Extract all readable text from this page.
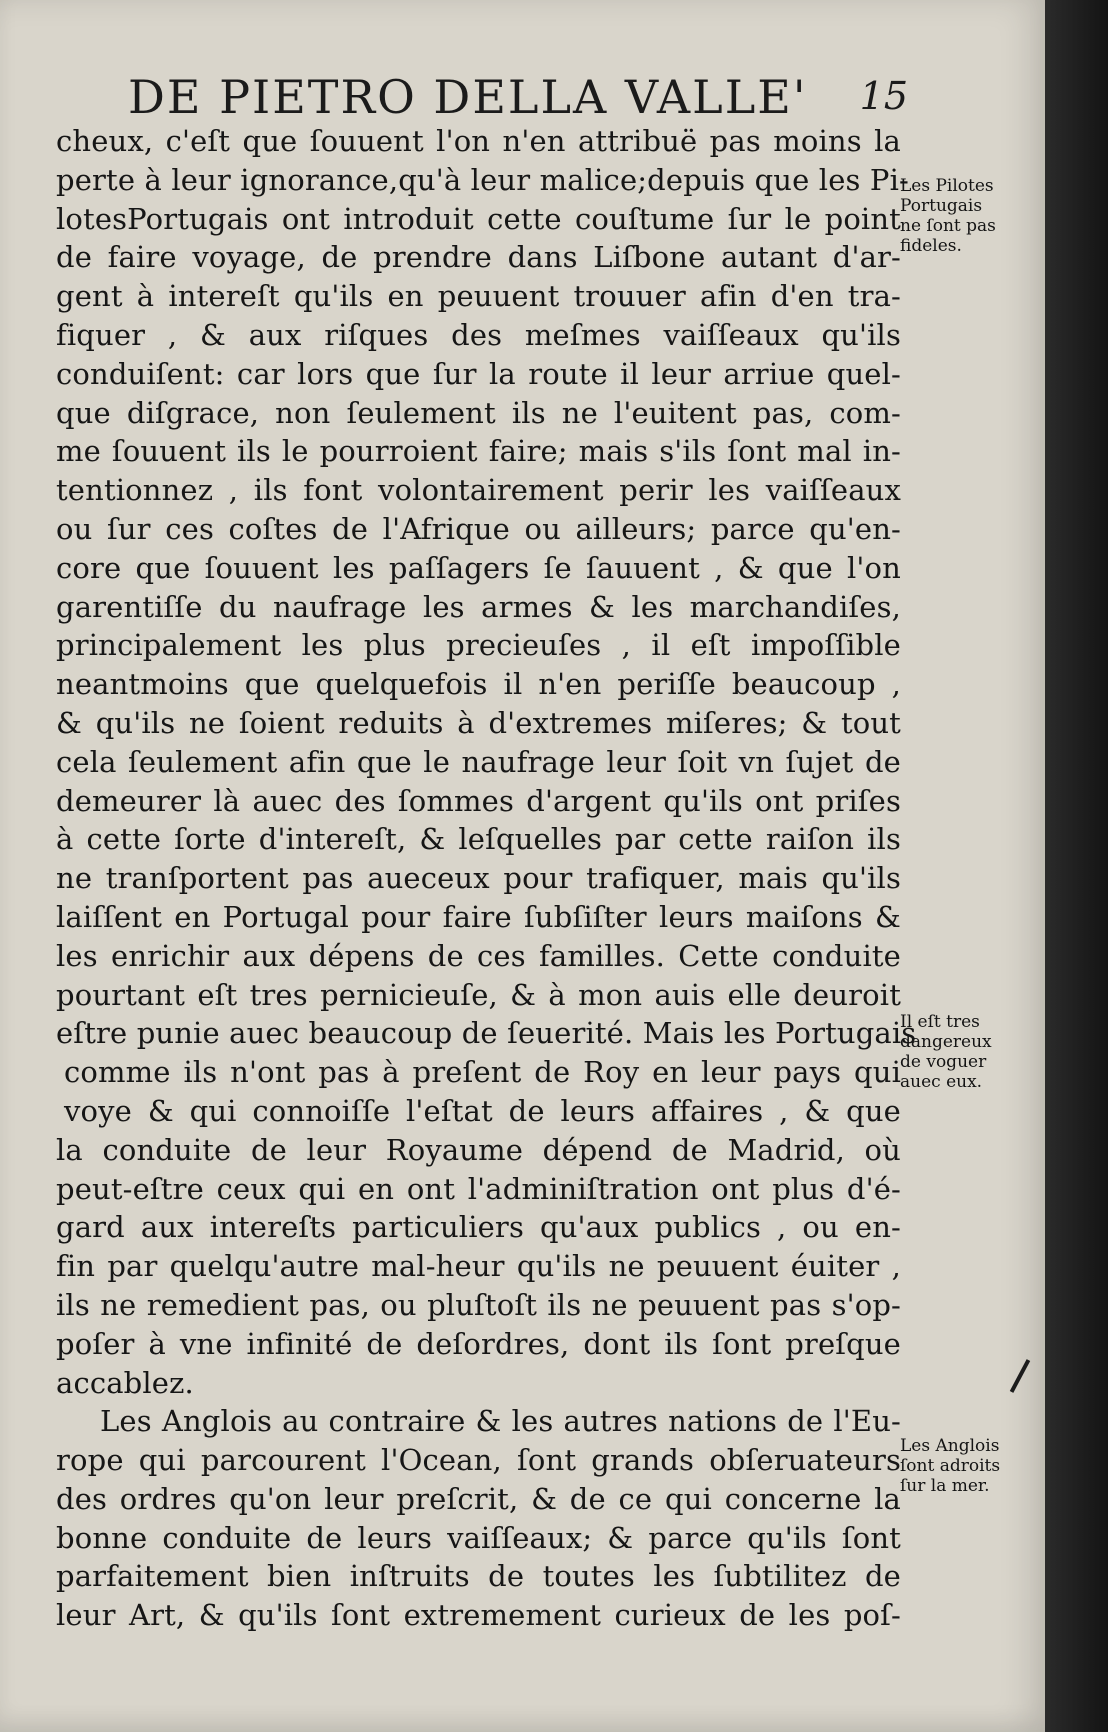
DE PIETRO DELLA VALLE' 15
cheux, c'eſt que ſouuent l'on n'en attribuë pas moins la
perte à leur ignorance,qu'à leur malice;depuis que les Pi-
lotesPortugais ont introduit cette couſtume ſur le point
de faire voyage, de prendre dans Liſbone autant d'ar-
gent à intereſt qu'ils en peuuent trouuer afin d'en tra-
fiquer , & aux riſques des meſmes vaiſſeaux qu'ils
conduiſent: car lors que ſur la route il leur arriue quel-
que diſgrace, non ſeulement ils ne l'euitent pas, com-
me ſouuent ils le pourroient faire; mais s'ils ſont mal in-
tentionnez , ils font volontairement perir les vaiſſeaux
ou ſur ces coſtes de l'Afrique ou ailleurs; parce qu'en-
core que ſouuent les paſſagers ſe ſauuent , & que l'on
garentiſſe du naufrage les armes & les marchandiſes,
principalement les plus precieuſes , il eſt impoſſible
neantmoins que quelquefois il n'en periſſe beaucoup ,
& qu'ils ne ſoient reduits à d'extremes miſeres; & tout
cela ſeulement afin que le naufrage leur ſoit vn ſujet de
demeurer là auec des ſommes d'argent qu'ils ont priſes
à cette ſorte d'intereſt, & leſquelles par cette raiſon ils
ne tranſportent pas aueceux pour trafiquer, mais qu'ils
laiſſent en Portugal pour faire ſubſiſter leurs maiſons &
les enrichir aux dépens de ces familles. Cette conduite
pourtant eſt tres pernicieuſe, & à mon auis elle deuroit
eſtre punie auec beaucoup de ſeuerité. Mais les Portugais
comme ils n'ont pas à preſent de Roy en leur pays qui
voye & qui connoiſſe l'eſtat de leurs affaires , & que
la conduite de leur Royaume dépend de Madrid, où
peut-eſtre ceux qui en ont l'adminiſtration ont plus d'é-
gard aux intereſts particuliers qu'aux publics , ou en-
fin par quelqu'autre mal-heur qu'ils ne peuuent éuiter ,
ils ne remedient pas, ou pluſtoſt ils ne peuuent pas s'op-
poſer à vne infinité de deſordres, dont ils ſont preſque
accablez.
Les Anglois au contraire & les autres nations de l'Eu-
rope qui parcourent l'Ocean, ſont grands obſeruateurs
des ordres qu'on leur preſcrit, & de ce qui concerne la
bonne conduite de leurs vaiſſeaux; & parce qu'ils ſont
parfaitement bien inſtruits de toutes les ſubtilitez de
leur Art, & qu'ils ſont extremement curieux de les poſ-
Les Pilotes
Portugais
ne ſont pas
fideles.
Il eſt tres
dangereux
de voguer
auec eux.
Les Anglois
ſont adroits
ſur la mer.
